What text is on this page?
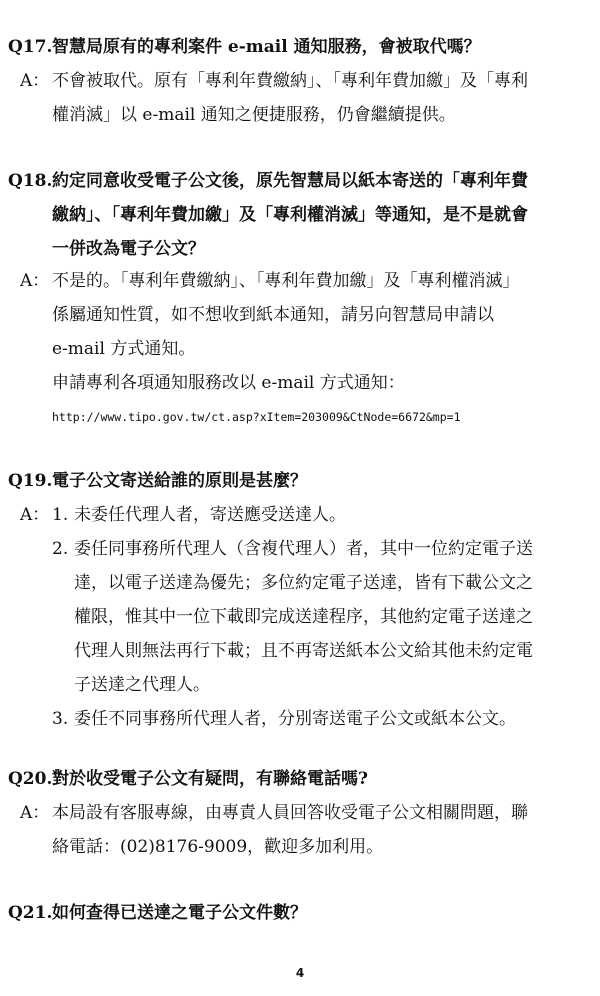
Q17. 智慧局原有的專利案件 e-mail 通知服務，會被取代嗎？
A： 不會被取代。原有「專利年費繳納」、「專利年費加繳」及「專利
權消滅」以 e-mail 通知之便捷服務，仍會繼續提供。
Q18. 約定同意收受電子公文後，原先智慧局以紙本寄送的「專利年費
繳納」、「專利年費加繳」及「專利權消滅」等通知，是不是就會
一併改為電子公文？
A： 不是的。「專利年費繳納」、「專利年費加繳」及「專利權消滅」
係屬通知性質，如不想收到紙本通知，請另向智慧局申請以
e-mail 方式通知。
申請專利各項通知服務改以 e-mail 方式通知：
http://www.tipo.gov.tw/ct.asp?xItem=203009&CtNode=6672&mp=1
Q19. 電子公文寄送給誰的原則是甚麼？
A： 1. 未委任代理人者，寄送應受送達人。
2. 委任同事務所代理人（含複代理人）者，其中一位約定電子送
達，以電子送達為優先；多位約定電子送達，皆有下載公文之
權限，惟其中一位下載即完成送達程序，其他約定電子送達之
代理人則無法再行下載；且不再寄送紙本公文給其他未約定電
子送達之代理人。
3. 委任不同事務所代理人者，分別寄送電子公文或紙本公文。
Q20. 對於收受電子公文有疑問，有聯絡電話嗎?
A： 本局設有客服專線，由專責人員回答收受電子公文相關問題，聯
絡電話：(02)8176-9009，歡迎多加利用。
Q21. 如何查得已送達之電子公文件數？
4
